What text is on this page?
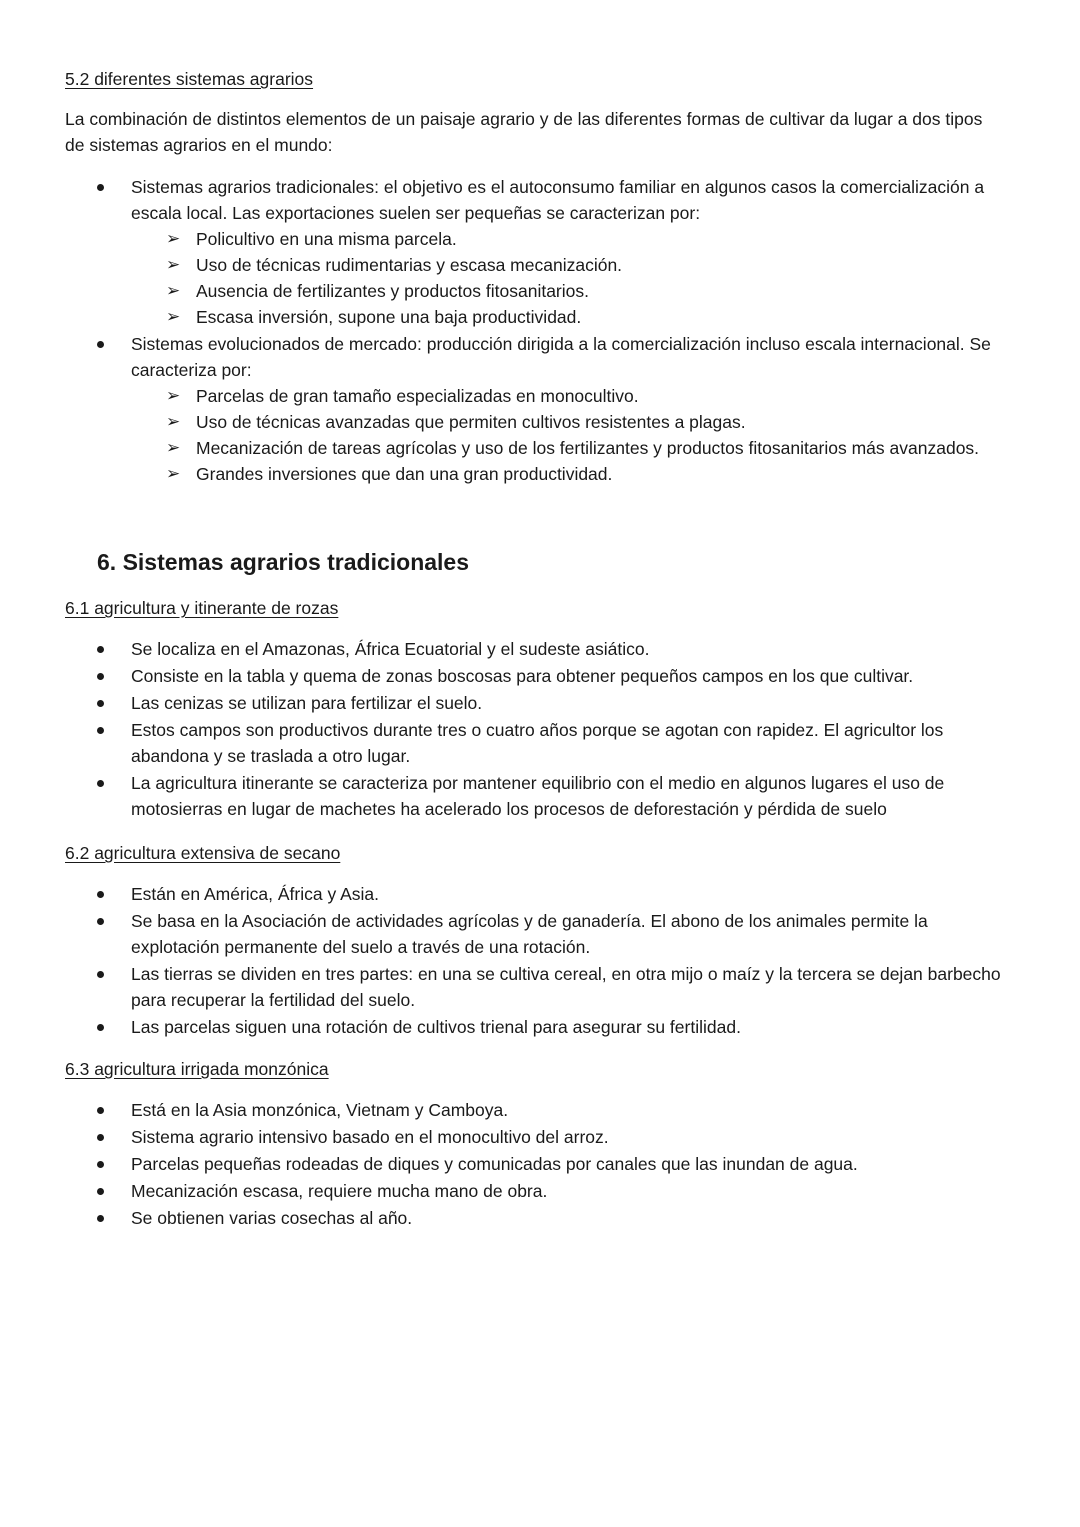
5.2 diferentes sistemas agrarios
La combinación de distintos elementos de un paisaje agrario y de las diferentes formas de cultivar da lugar a dos tipos de sistemas agrarios en el mundo:
Sistemas agrarios tradicionales: el objetivo es el autoconsumo familiar en algunos casos la comercialización a escala local. Las exportaciones suelen ser pequeñas se caracterizan por:
➢ Policultivo en una misma parcela.
➢ Uso de técnicas rudimentarias y escasa mecanización.
➢ Ausencia de fertilizantes y productos fitosanitarios.
➢ Escasa inversión, supone una baja productividad.
Sistemas evolucionados de mercado: producción dirigida a la comercialización incluso escala internacional. Se caracteriza por:
➢ Parcelas de gran tamaño especializadas en monocultivo.
➢ Uso de técnicas avanzadas que permiten cultivos resistentes a plagas.
➢ Mecanización de tareas agrícolas y uso de los fertilizantes y productos fitosanitarios más avanzados.
➢ Grandes inversiones que dan una gran productividad.
6. Sistemas agrarios tradicionales
6.1 agricultura y itinerante de rozas
Se localiza en el Amazonas, África Ecuatorial y el sudeste asiático.
Consiste en la tabla y quema de zonas boscosas para obtener pequeños campos en los que cultivar.
Las cenizas se utilizan para fertilizar el suelo.
Estos campos son productivos durante tres o cuatro años porque se agotan con rapidez. El agricultor los abandona y se traslada a otro lugar.
La agricultura itinerante se caracteriza por mantener equilibrio con el medio en algunos lugares el uso de motosierras en lugar de machetes ha acelerado los procesos de deforestación y pérdida de suelo
6.2 agricultura extensiva de secano
Están en América, África y Asia.
Se basa en la Asociación de actividades agrícolas y de ganadería. El abono de los animales permite la explotación permanente del suelo a través de una rotación.
Las tierras se dividen en tres partes: en una se cultiva cereal, en otra mijo o maíz y la tercera se dejan barbecho para recuperar la fertilidad del suelo.
Las parcelas siguen una rotación de cultivos trienal para asegurar su fertilidad.
6.3 agricultura irrigada monzónica
Está en la Asia monzónica, Vietnam y Camboya.
Sistema agrario intensivo basado en el monocultivo del arroz.
Parcelas pequeñas rodeadas de diques y comunicadas por canales que las inundan de agua.
Mecanización escasa, requiere mucha mano de obra.
Se obtienen varias cosechas al año.
